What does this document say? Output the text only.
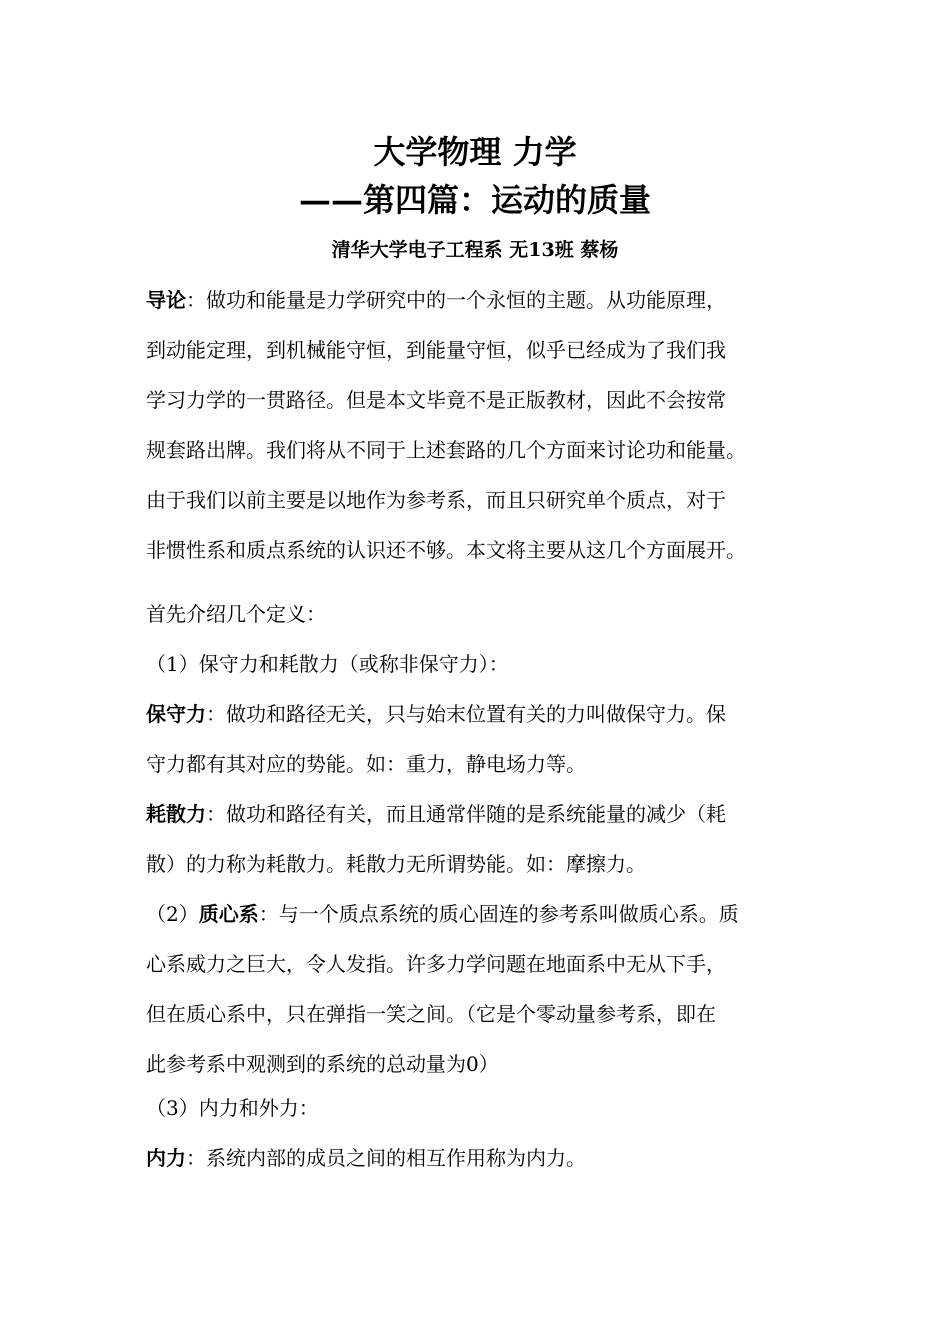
大学物理 力学
——第四篇：运动的质量
清华大学电子工程系 无13班 蔡杨
导论：做功和能量是力学研究中的一个永恒的主题。从功能原理，
到动能定理，到机械能守恒，到能量守恒，似乎已经成为了我们我
学习力学的一贯路径。但是本文毕竟不是正版教材，因此不会按常
规套路出牌。我们将从不同于上述套路的几个方面来讨论功和能量。
由于我们以前主要是以地作为参考系，而且只研究单个质点，对于
非惯性系和质点系统的认识还不够。本文将主要从这几个方面展开。
首先介绍几个定义：
（1）保守力和耗散力（或称非保守力）：
保守力：做功和路径无关，只与始末位置有关的力叫做保守力。保
守力都有其对应的势能。如：重力，静电场力等。
耗散力：做功和路径有关，而且通常伴随的是系统能量的减少（耗
散）的力称为耗散力。耗散力无所谓势能。如：摩擦力。
（2）质心系：与一个质点系统的质心固连的参考系叫做质心系。质
心系威力之巨大，令人发指。许多力学问题在地面系中无从下手，
但在质心系中，只在弹指一笑之间。（它是个零动量参考系，即在
此参考系中观测到的系统的总动量为0）
（3）内力和外力：
内力：系统内部的成员之间的相互作用称为内力。
